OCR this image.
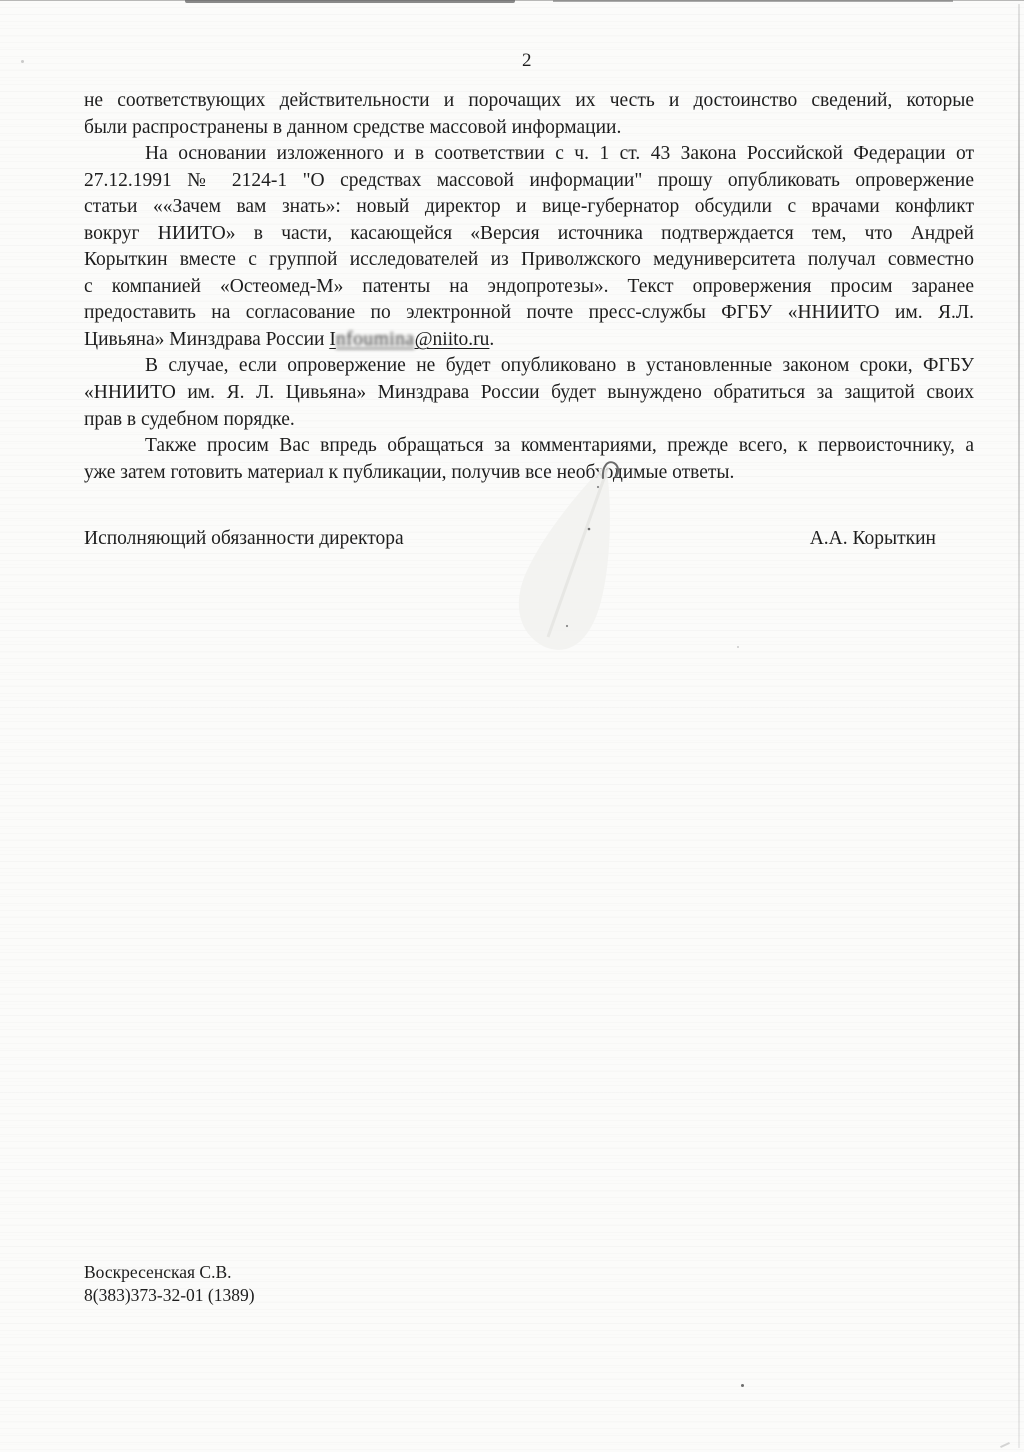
2
не соответствующих действительности и порочащих их честь и достоинство сведений, которые
были распространены в данном средстве массовой информации.
На основании изложенного и в соответствии с ч. 1 ст. 43 Закона Российской Федерации от
27.12.1991 № 2124-1 "О средствах массовой информации" прошу опубликовать опровержение
статьи ««Зачем вам знать»: новый директор и вице-губернатор обсудили с врачами конфликт
вокруг НИИТО» в части, касающейся «Версия источника подтверждается тем, что Андрей
Корыткин вместе с группой исследователей из Приволжского медуниверситета получал совместно
с компанией «Остеомед-М» патенты на эндопротезы». Текст опровержения просим заранее
предоставить на согласование по электронной почте пресс-службы ФГБУ «ННИИТО им. Я.Л.
Цивьяна» Минздрава России Infoumina@niito.ru.
В случае, если опровержение не будет опубликовано в установленные законом сроки, ФГБУ
«ННИИТО им. Я. Л. Цивьяна» Минздрава России будет вынуждено обратиться за защитой своих
прав в судебном порядке.
Также просим Вас впредь обращаться за комментариями, прежде всего, к первоисточнику, а
уже затем готовить материал к публикации, получив все необходимые ответы.
Исполняющий обязанности директора	А.А. Корыткин
Воскресенская С.В.
8(383)373-32-01 (1389)
